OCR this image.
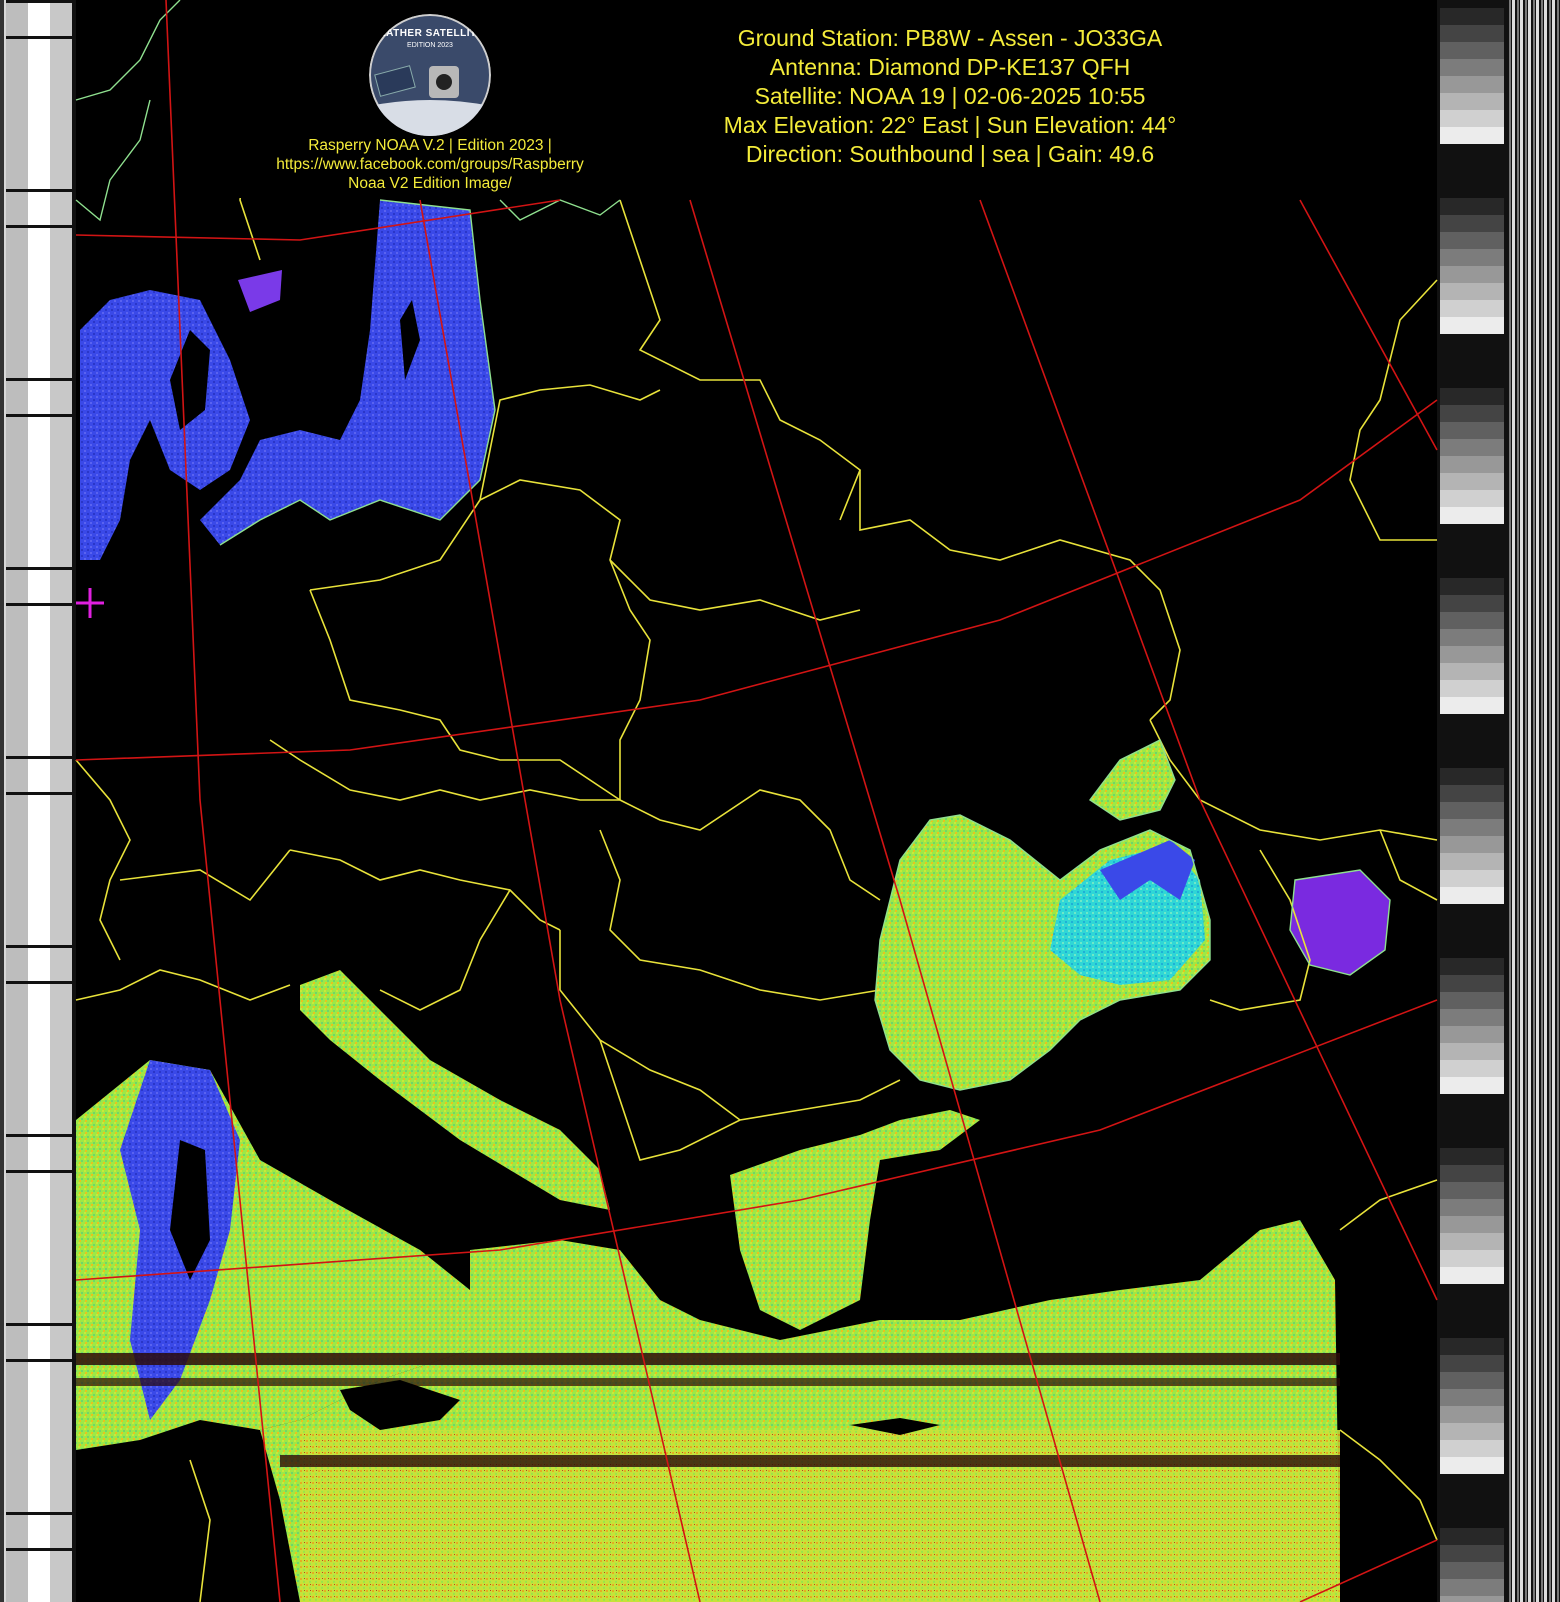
WEATHER SATELLITES
EDITION 2023
Rasperry NOAA V.2 | Edition 2023 |
https://www.facebook.com/groups/Raspberry
Noaa V2 Edition Image/
Ground Station: PB8W - Assen - JO33GA
Antenna: Diamond DP-KE137 QFH
Satellite: NOAA 19 | 02-06-2025 10:55
Max Elevation: 22° East | Sun Elevation: 44°
Direction: Southbound | sea | Gain: 49.6
